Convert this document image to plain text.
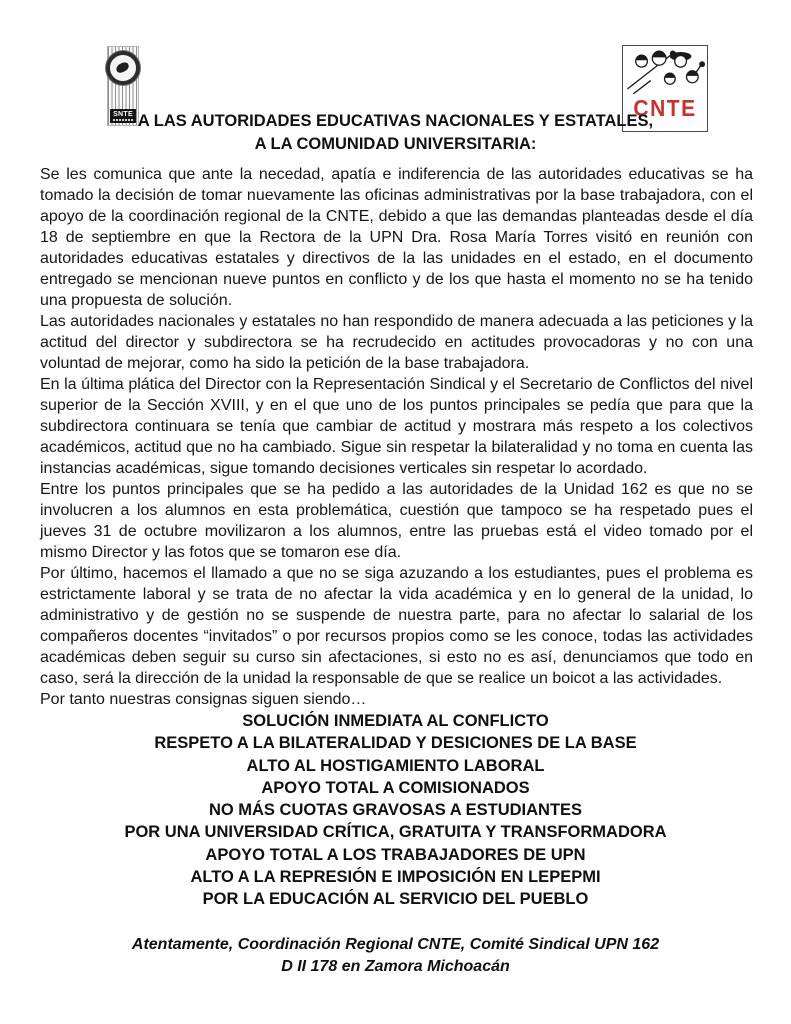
SNTE	CNTE
A LAS AUTORIDADES EDUCATIVAS NACIONALES Y ESTATALES,
A LA COMUNIDAD UNIVERSITARIA:

Se les comunica que ante la necedad, apatía e indiferencia de las autoridades educativas se ha tomado la decisión de tomar nuevamente las oficinas administrativas por la base trabajadora, con el apoyo de la coordinación regional de la CNTE, debido a que las demandas planteadas desde el día 18 de septiembre en que la Rectora de la UPN Dra. Rosa María Torres visitó en reunión con autoridades educativas estatales y directivos de la las unidades en el estado, en el documento entregado se mencionan nueve puntos en conflicto y de los que hasta el momento no se ha tenido una propuesta de solución.

Las autoridades nacionales y estatales no han respondido de manera adecuada a las peticiones y la actitud del director y subdirectora se ha recrudecido en actitudes provocadoras y no con una voluntad de mejorar, como ha sido la petición de la base trabajadora.

En la última plática del Director con la Representación Sindical y el Secretario de Conflictos del nivel superior de la Sección XVIII, y en el que uno de los puntos principales se pedía que para que la subdirectora continuara se tenía que cambiar de actitud y mostrara más respeto a los colectivos académicos, actitud que no ha cambiado. Sigue sin respetar la bilateralidad y no toma en cuenta las instancias académicas, sigue tomando decisiones verticales sin respetar lo acordado.

Entre los puntos principales que se ha pedido a las autoridades de la Unidad 162 es que no se involucren a los alumnos en esta problemática, cuestión que tampoco se ha respetado pues el jueves 31 de octubre movilizaron a los alumnos, entre las pruebas está el video tomado por el mismo Director y las fotos que se tomaron ese día.

Por último, hacemos el llamado a que no se siga azuzando a los estudiantes, pues el problema es estrictamente laboral y se trata de no afectar la vida académica y en lo general de la unidad, lo administrativo y de gestión no se suspende de nuestra parte, para no afectar lo salarial de los compañeros docentes “invitados” o por recursos propios como se les conoce, todas las actividades académicas deben seguir su curso sin afectaciones, si esto no es así, denunciamos que todo en caso, será la dirección de la unidad la responsable de que se realice un boicot a las actividades.

Por tanto nuestras consignas siguen siendo…

SOLUCIÓN INMEDIATA AL CONFLICTO
RESPETO A LA BILATERALIDAD Y DESICIONES DE LA BASE
ALTO AL HOSTIGAMIENTO LABORAL
APOYO TOTAL A COMISIONADOS
NO MÁS CUOTAS GRAVOSAS A ESTUDIANTES
POR UNA UNIVERSIDAD CRÍTICA, GRATUITA Y TRANSFORMADORA
APOYO TOTAL A LOS TRABAJADORES DE UPN
ALTO A LA REPRESIÓN E IMPOSICIÓN EN LEPEPMI
POR LA EDUCACIÓN AL SERVICIO DEL PUEBLO
Atentamente, Coordinación Regional CNTE, Comité Sindical UPN 162
D II 178 en Zamora Michoacán
